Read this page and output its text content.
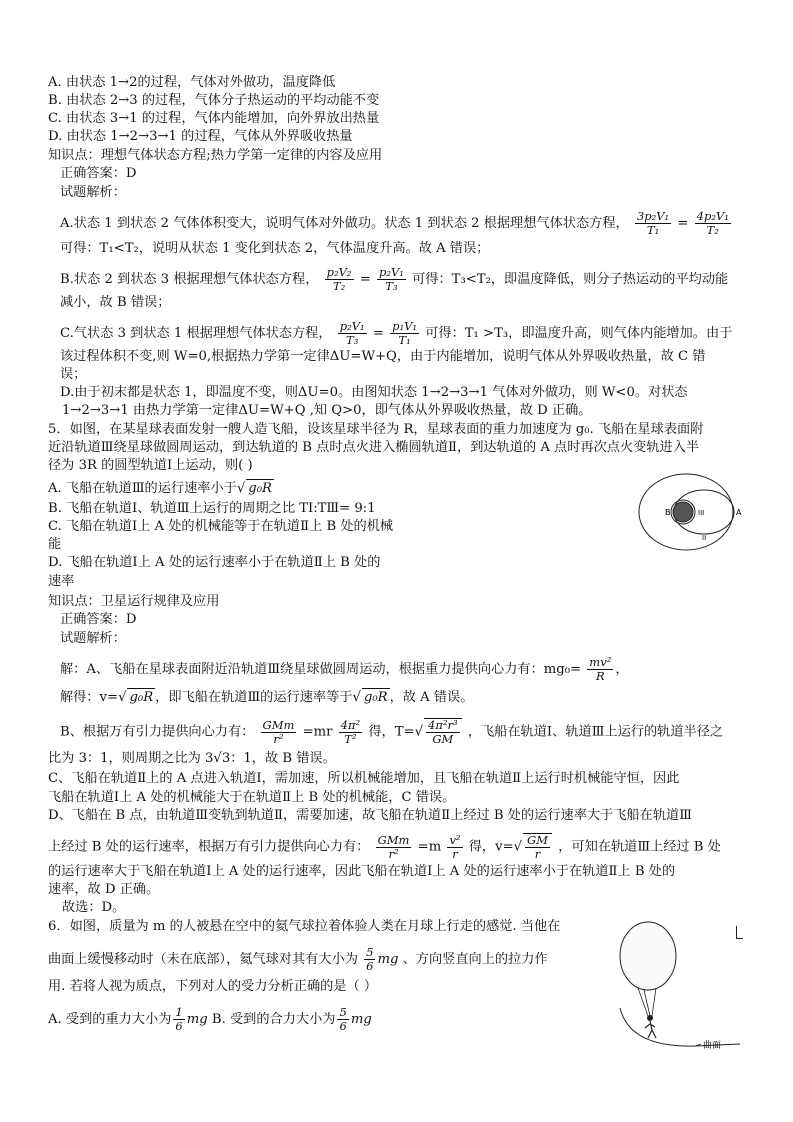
A. 由状态 1→2的过程，气体对外做功，温度降低
B. 由状态 2→3 的过程，气体分子热运动的平均动能不变
C. 由状态 3→1 的过程，气体内能增加，向外界放出热量
D. 由状态 1→2→3→1 的过程，气体从外界吸收热量
知识点：理想气体状态方程;热力学第一定律的内容及应用
正确答案：D
试题解析：
A.状态 1 到状态 2 气体体积变大，说明气体对外做功。状态 1 到状态 2 根据理想气体状态方程， $\frac{\text{3p₂V₁}}{\text{T₁}} = \frac{\text{4p₂V₁}}{\text{T₂}}$
可得：T₁<T₂，说明从状态 1 变化到状态 2，气体温度升高。故 A 错误；
B.状态 2 到状态 3 根据理想气体状态方程， $\frac{\text{p₂V₂}}{\text{T₂}} = \frac{\text{p₂V₁}}{\text{T₃}}$ 可得：T₃<T₂，即温度降低，则分子热运动的平均动能
减小，故 B 错误；
C.气状态 3 到状态 1 根据理想气体状态方程， $\frac{\text{p₂V₁}}{\text{T₃}} = \frac{\text{p₁V₁}}{\text{T₁}}$ 可得：T₁ >T₃，即温度升高，则气体内能增加。由于
该过程体积不变,则 W=0,根据热力学第一定律ΔU=W+Q，由于内能增加，说明气体从外界吸收热量，故 C 错
误；
D.由于初末都是状态 1，即温度不变，则ΔU=0。由图知状态 1→2→3→1 气体对外做功，则 W<0。对状态
1→2→3→1 由热力学第一定律ΔU=W+Q ,知 Q>0，即气体从外界吸收热量，故 D 正确。
5．如图，在某星球表面发射一艘人造飞船，设该星球半径为 R，星球表面的重力加速度为 g₀. 飞船在星球表面附
近沿轨道Ⅲ绕星球做圆周运动，到达轨道的 B 点时点火进入椭圆轨道Ⅱ，到达轨道的 A 点时再次点火变轨进入半
径为 3R 的圆型轨道Ⅰ上运动，则( )
A. 飞船在轨道Ⅲ的运行速率小于√ g₀R
B. 飞船在轨道Ⅰ、轨道Ⅲ上运行的周期之比 TⅠ:TⅢ= 9:1
C. 飞船在轨道Ⅰ上 A 处的机械能等于在轨道Ⅱ上 B 处的机械
能
D. 飞船在轨道Ⅰ上 A 处的运行速率小于在轨道Ⅱ上 B 处的
速率
B	III	A
II
知识点：卫星运行规律及应用
正确答案：D
试题解析：
解：A、飞船在星球表面附近沿轨道Ⅲ绕星球做圆周运动，根据重力提供向心力有：$mg_0= \frac{\text{mv²}}{R}$ ，
解得：v=√ g₀R ，即飞船在轨道Ⅲ的运行速率等于√ g₀R ，故 A 错误。
B、根据万有引力提供向心力有： $\frac{\text{GMm}}{\text{r²}} =mr \frac{\text{4π²}}{\text{T²}}$ 得，$T=√ \frac{\text{4π²r³}}{GM}$ ，飞船在轨道Ⅰ、轨道Ⅲ上运行的轨道半径之
比为 3：1，则周期之比为 3√3：1，故 B 错误。
C、飞船在轨道Ⅱ上的 A 点进入轨道Ⅰ，需加速，所以机械能增加，且飞船在轨道Ⅱ上运行时机械能守恒，因此
飞船在轨道Ⅰ上 A 处的机械能大于在轨道Ⅱ上 B 处的机械能，C 错误。
D、飞船在 B 点，由轨道Ⅲ变轨到轨道Ⅱ，需要加速，故飞船在轨道Ⅱ上经过 B 处的运行速率大于飞船在轨道Ⅲ
上经过 B 处的运行速率，根据万有引力提供向心力有： $\frac{\text{GMm}}{\text{r²}} =m \frac{\text{v²}}{r}$ 得，$v=√ \frac{GM}{r}$ ，可知在轨道Ⅲ上经过 B 处
的运行速率大于飞船在轨道Ⅰ上 A 处的运行速率，因此飞船在轨道Ⅰ上 A 处的运行速率小于在轨道Ⅱ上 B 处的
速率，故 D 正确。
故选：D。
6．如图，质量为 m 的人被悬在空中的氦气球拉着体验人类在月球上行走的感觉. 当他在
曲面上缓慢移动时（未在底部），氦气球对其有大小为 $\frac{5}{6}$ mg 、方向竖直向上的拉力作
用. 若将人视为质点，下列对人的受力分析正确的是（ ）
A. 受到的重力大小为 $\frac{1}{6}$ mg B. 受到的合力大小为 $\frac{5}{6}$ mg
曲面
